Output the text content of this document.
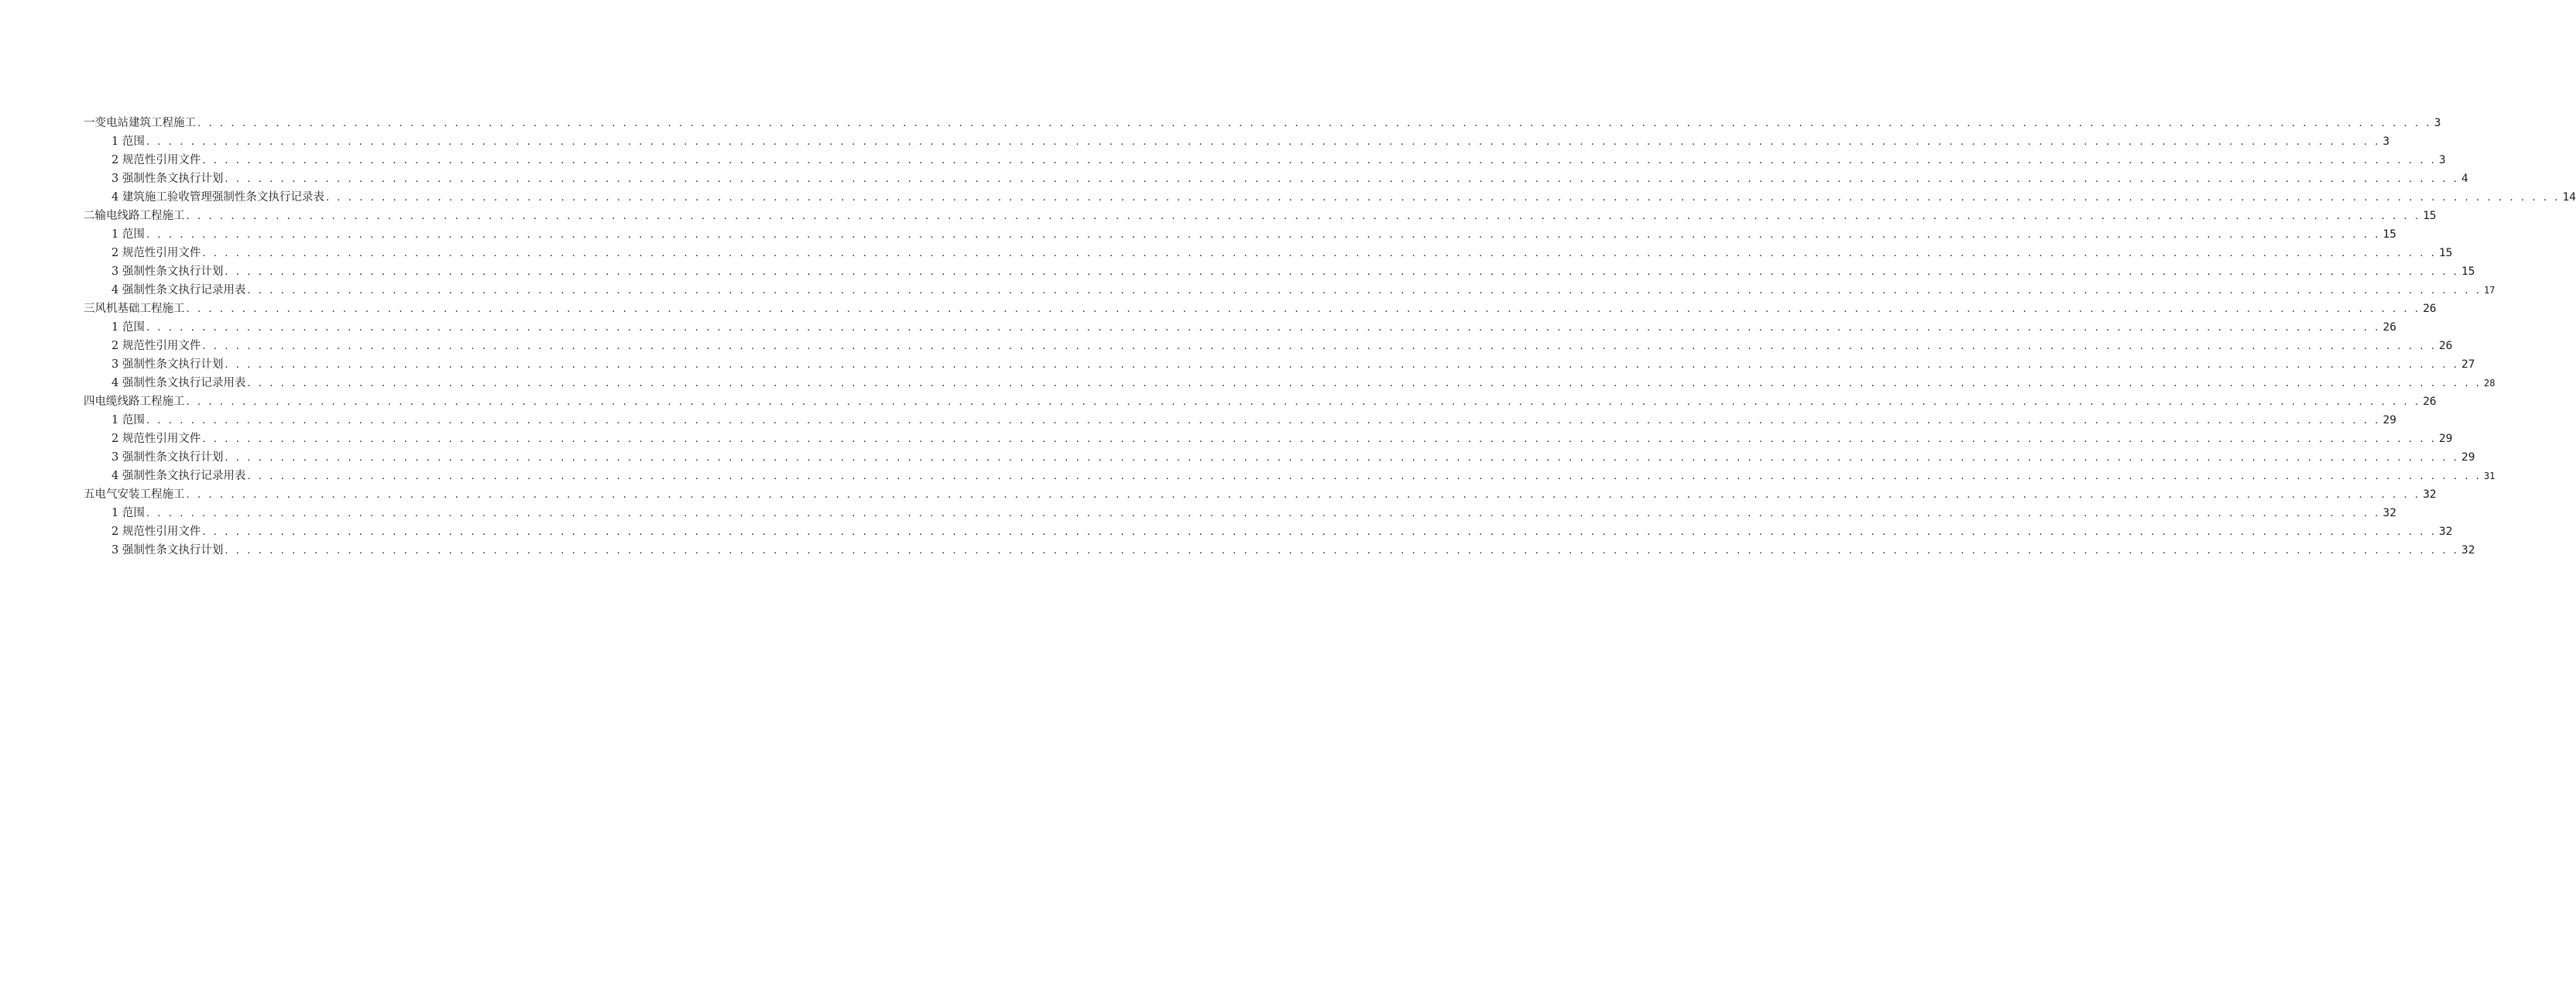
一变电站建筑工程施工 . . . . . . . . . . . . . . . . . . . . . . . . . . . . . . . . . . . . . . . . . . . . . . . . . . . . . . . . . . . . . . . . . . . . . . . . . . . . . . . . . . . . . . . . . . . . . . . . . . . . . . . . . . . . . . . . . . . . . . . . . . . . . . . . . . . . . . . . . . . . . . . . . . . . . . . . . . . . . . . . . . . . . . . . . . . . . . . . . . . . . . . . . . . . . . . . . . . . . . . . 3
1 范围 . . . . . . . . . . . . . . . . . . . . . . . . . . . . . . . . . . . . . . . . . . . . . . . . . . . . . . . . . . . . . . . . . . . . . . . . . . . . . . . . . . . . . . . . . . . . . . . . . . . . . . . . . . . . . . . . . . . . . . . . . . . . . . . . . . . . . . . . . . . . . . . . . . . . . . . . . . . . . . . . . . . . . . . . . . . . . . . . . . . . . . . . . . . . . . . . . . . . . . . . 3
2 规范性引用文件 . . . . . . . . . . . . . . . . . . . . . . . . . . . . . . . . . . . . . . . . . . . . . . . . . . . . . . . . . . . . . . . . . . . . . . . . . . . . . . . . . . . . . . . . . . . . . . . . . . . . . . . . . . . . . . . . . . . . . . . . . . . . . . . . . . . . . . . . . . . . . . . . . . . . . . . . . . . . . . . . . . . . . . . . . . . . . . . . . . . . . . . . . . . . . . . . . . . . . . . . 3
3 强制性条文执行计划 . . . . . . . . . . . . . . . . . . . . . . . . . . . . . . . . . . . . . . . . . . . . . . . . . . . . . . . . . . . . . . . . . . . . . . . . . . . . . . . . . . . . . . . . . . . . . . . . . . . . . . . . . . . . . . . . . . . . . . . . . . . . . . . . . . . . . . . . . . . . . . . . . . . . . . . . . . . . . . . . . . . . . . . . . . . . . . . . . . . . . . . . . . . . . . . . . . . . . . . . 4
4 建筑施工验收管理强制性条文执行记录表 . . . . . . . . . . . . . . . . . . . . . . . . . . . . . . . . . . . . . . . . . . . . . . . . . . . . . . . . . . . . . . . . . . . . . . . . . . . . . . . . . . . . . . . . . . . . . . . . . . . . . . . . . . . . . . . . . . . . . . . . . . . . . . . . . . . . . . . . . . . . . . . . . . . . . . . . . . . . . . . . . . . . . . . . . . . . . . . . . . . . . . . . . . . . . . . . . . . . . . . . 14
二输电线路工程施工 . . . . . . . . . . . . . . . . . . . . . . . . . . . . . . . . . . . . . . . . . . . . . . . . . . . . . . . . . . . . . . . . . . . . . . . . . . . . . . . . . . . . . . . . . . . . . . . . . . . . . . . . . . . . . . . . . . . . . . . . . . . . . . . . . . . . . . . . . . . . . . . . . . . . . . . . . . . . . . . . . . . . . . . . . . . . . . . . . . . . . . . . . . . . . . . . . . . . . . . . 15
1 范围 . . . . . . . . . . . . . . . . . . . . . . . . . . . . . . . . . . . . . . . . . . . . . . . . . . . . . . . . . . . . . . . . . . . . . . . . . . . . . . . . . . . . . . . . . . . . . . . . . . . . . . . . . . . . . . . . . . . . . . . . . . . . . . . . . . . . . . . . . . . . . . . . . . . . . . . . . . . . . . . . . . . . . . . . . . . . . . . . . . . . . . . . . . . . . . . . . . . . . . . . 15
2 规范性引用文件 . . . . . . . . . . . . . . . . . . . . . . . . . . . . . . . . . . . . . . . . . . . . . . . . . . . . . . . . . . . . . . . . . . . . . . . . . . . . . . . . . . . . . . . . . . . . . . . . . . . . . . . . . . . . . . . . . . . . . . . . . . . . . . . . . . . . . . . . . . . . . . . . . . . . . . . . . . . . . . . . . . . . . . . . . . . . . . . . . . . . . . . . . . . . . . . . . . . . . . . . 15
3 强制性条文执行计划 . . . . . . . . . . . . . . . . . . . . . . . . . . . . . . . . . . . . . . . . . . . . . . . . . . . . . . . . . . . . . . . . . . . . . . . . . . . . . . . . . . . . . . . . . . . . . . . . . . . . . . . . . . . . . . . . . . . . . . . . . . . . . . . . . . . . . . . . . . . . . . . . . . . . . . . . . . . . . . . . . . . . . . . . . . . . . . . . . . . . . . . . . . . . . . . . . . . . . . . . 15
4 强制性条文执行记录用表 . . . . . . . . . . . . . . . . . . . . . . . . . . . . . . . . . . . . . . . . . . . . . . . . . . . . . . . . . . . . . . . . . . . . . . . . . . . . . . . . . . . . . . . . . . . . . . . . . . . . . . . . . . . . . . . . . . . . . . . . . . . . . . . . . . . . . . . . . . . . . . . . . . . . . . . . . . . . . . . . . . . . . . . . . . . . . . . . . . . . . . . . . . . . . . . . . . . . . . . . 17
三风机基础工程施工 . . . . . . . . . . . . . . . . . . . . . . . . . . . . . . . . . . . . . . . . . . . . . . . . . . . . . . . . . . . . . . . . . . . . . . . . . . . . . . . . . . . . . . . . . . . . . . . . . . . . . . . . . . . . . . . . . . . . . . . . . . . . . . . . . . . . . . . . . . . . . . . . . . . . . . . . . . . . . . . . . . . . . . . . . . . . . . . . . . . . . . . . . . . . . . . . . . . . . . . . 26
1 范围 . . . . . . . . . . . . . . . . . . . . . . . . . . . . . . . . . . . . . . . . . . . . . . . . . . . . . . . . . . . . . . . . . . . . . . . . . . . . . . . . . . . . . . . . . . . . . . . . . . . . . . . . . . . . . . . . . . . . . . . . . . . . . . . . . . . . . . . . . . . . . . . . . . . . . . . . . . . . . . . . . . . . . . . . . . . . . . . . . . . . . . . . . . . . . . . . . . . . . . . . 26
2 规范性引用文件 . . . . . . . . . . . . . . . . . . . . . . . . . . . . . . . . . . . . . . . . . . . . . . . . . . . . . . . . . . . . . . . . . . . . . . . . . . . . . . . . . . . . . . . . . . . . . . . . . . . . . . . . . . . . . . . . . . . . . . . . . . . . . . . . . . . . . . . . . . . . . . . . . . . . . . . . . . . . . . . . . . . . . . . . . . . . . . . . . . . . . . . . . . . . . . . . . . . . . . . . 26
3 强制性条文执行计划 . . . . . . . . . . . . . . . . . . . . . . . . . . . . . . . . . . . . . . . . . . . . . . . . . . . . . . . . . . . . . . . . . . . . . . . . . . . . . . . . . . . . . . . . . . . . . . . . . . . . . . . . . . . . . . . . . . . . . . . . . . . . . . . . . . . . . . . . . . . . . . . . . . . . . . . . . . . . . . . . . . . . . . . . . . . . . . . . . . . . . . . . . . . . . . . . . . . . . . . . 27
4 强制性条文执行记录用表 . . . . . . . . . . . . . . . . . . . . . . . . . . . . . . . . . . . . . . . . . . . . . . . . . . . . . . . . . . . . . . . . . . . . . . . . . . . . . . . . . . . . . . . . . . . . . . . . . . . . . . . . . . . . . . . . . . . . . . . . . . . . . . . . . . . . . . . . . . . . . . . . . . . . . . . . . . . . . . . . . . . . . . . . . . . . . . . . . . . . . . . . . . . . . . . . . . . . . . . . 28
四电缆线路工程施工 . . . . . . . . . . . . . . . . . . . . . . . . . . . . . . . . . . . . . . . . . . . . . . . . . . . . . . . . . . . . . . . . . . . . . . . . . . . . . . . . . . . . . . . . . . . . . . . . . . . . . . . . . . . . . . . . . . . . . . . . . . . . . . . . . . . . . . . . . . . . . . . . . . . . . . . . . . . . . . . . . . . . . . . . . . . . . . . . . . . . . . . . . . . . . . . . . . . . . . . . 26
1 范围 . . . . . . . . . . . . . . . . . . . . . . . . . . . . . . . . . . . . . . . . . . . . . . . . . . . . . . . . . . . . . . . . . . . . . . . . . . . . . . . . . . . . . . . . . . . . . . . . . . . . . . . . . . . . . . . . . . . . . . . . . . . . . . . . . . . . . . . . . . . . . . . . . . . . . . . . . . . . . . . . . . . . . . . . . . . . . . . . . . . . . . . . . . . . . . . . . . . . . . . . 29
2 规范性引用文件 . . . . . . . . . . . . . . . . . . . . . . . . . . . . . . . . . . . . . . . . . . . . . . . . . . . . . . . . . . . . . . . . . . . . . . . . . . . . . . . . . . . . . . . . . . . . . . . . . . . . . . . . . . . . . . . . . . . . . . . . . . . . . . . . . . . . . . . . . . . . . . . . . . . . . . . . . . . . . . . . . . . . . . . . . . . . . . . . . . . . . . . . . . . . . . . . . . . . . . . . 29
3 强制性条文执行计划 . . . . . . . . . . . . . . . . . . . . . . . . . . . . . . . . . . . . . . . . . . . . . . . . . . . . . . . . . . . . . . . . . . . . . . . . . . . . . . . . . . . . . . . . . . . . . . . . . . . . . . . . . . . . . . . . . . . . . . . . . . . . . . . . . . . . . . . . . . . . . . . . . . . . . . . . . . . . . . . . . . . . . . . . . . . . . . . . . . . . . . . . . . . . . . . . . . . . . . . . 29
4 强制性条文执行记录用表 . . . . . . . . . . . . . . . . . . . . . . . . . . . . . . . . . . . . . . . . . . . . . . . . . . . . . . . . . . . . . . . . . . . . . . . . . . . . . . . . . . . . . . . . . . . . . . . . . . . . . . . . . . . . . . . . . . . . . . . . . . . . . . . . . . . . . . . . . . . . . . . . . . . . . . . . . . . . . . . . . . . . . . . . . . . . . . . . . . . . . . . . . . . . . . . . . . . . . . . . 31
五电气安装工程施工 . . . . . . . . . . . . . . . . . . . . . . . . . . . . . . . . . . . . . . . . . . . . . . . . . . . . . . . . . . . . . . . . . . . . . . . . . . . . . . . . . . . . . . . . . . . . . . . . . . . . . . . . . . . . . . . . . . . . . . . . . . . . . . . . . . . . . . . . . . . . . . . . . . . . . . . . . . . . . . . . . . . . . . . . . . . . . . . . . . . . . . . . . . . . . . . . . . . . . . . . 32
1 范围 . . . . . . . . . . . . . . . . . . . . . . . . . . . . . . . . . . . . . . . . . . . . . . . . . . . . . . . . . . . . . . . . . . . . . . . . . . . . . . . . . . . . . . . . . . . . . . . . . . . . . . . . . . . . . . . . . . . . . . . . . . . . . . . . . . . . . . . . . . . . . . . . . . . . . . . . . . . . . . . . . . . . . . . . . . . . . . . . . . . . . . . . . . . . . . . . . . . . . . . . 32
2 规范性引用文件 . . . . . . . . . . . . . . . . . . . . . . . . . . . . . . . . . . . . . . . . . . . . . . . . . . . . . . . . . . . . . . . . . . . . . . . . . . . . . . . . . . . . . . . . . . . . . . . . . . . . . . . . . . . . . . . . . . . . . . . . . . . . . . . . . . . . . . . . . . . . . . . . . . . . . . . . . . . . . . . . . . . . . . . . . . . . . . . . . . . . . . . . . . . . . . . . . . . . . . . . 32
3 强制性条文执行计划 . . . . . . . . . . . . . . . . . . . . . . . . . . . . . . . . . . . . . . . . . . . . . . . . . . . . . . . . . . . . . . . . . . . . . . . . . . . . . . . . . . . . . . . . . . . . . . . . . . . . . . . . . . . . . . . . . . . . . . . . . . . . . . . . . . . . . . . . . . . . . . . . . . . . . . . . . . . . . . . . . . . . . . . . . . . . . . . . . . . . . . . . . . . . . . . . . . . . . . . . 32
